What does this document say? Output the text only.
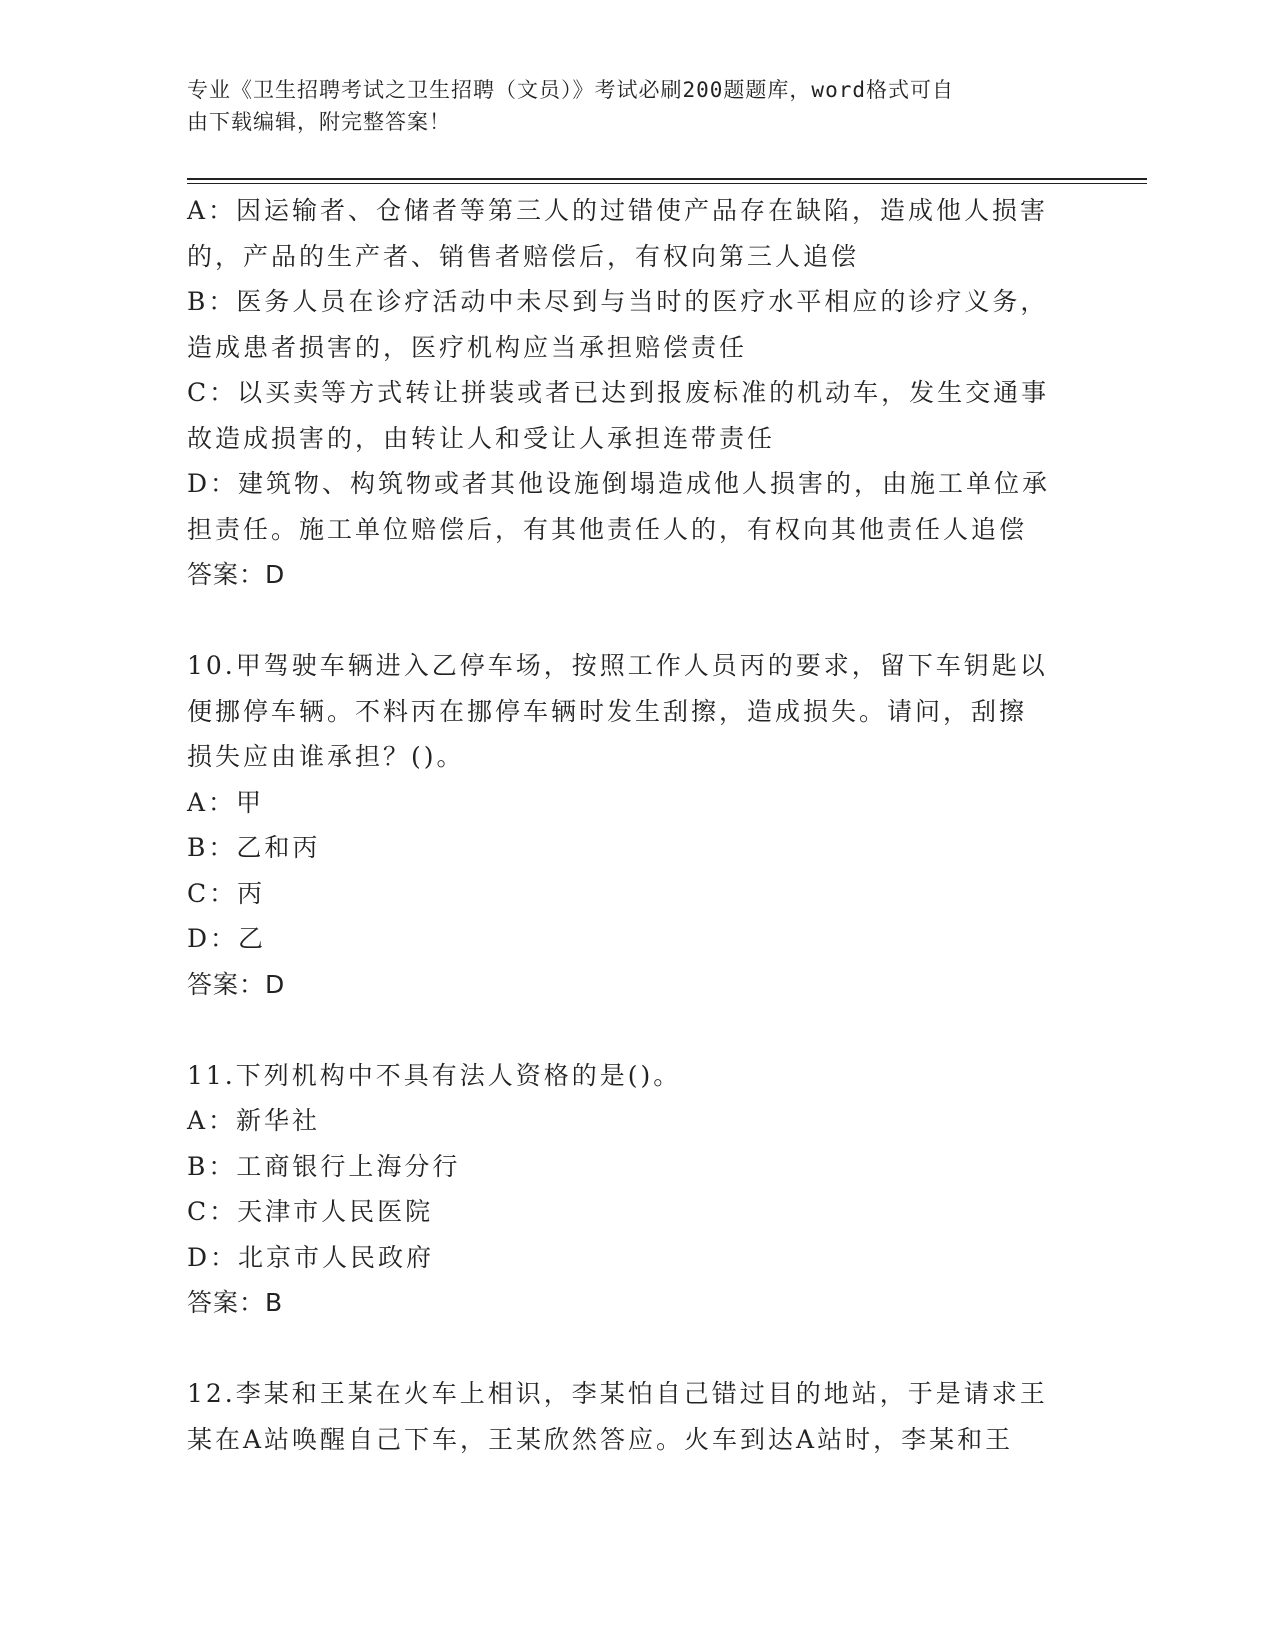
专业《卫生招聘考试之卫生招聘（文员）》考试必刷200题题库，word格式可自
由下载编辑，附完整答案！
A：因运输者、仓储者等第三人的过错使产品存在缺陷，造成他人损害
的，产品的生产者、销售者赔偿后，有权向第三人追偿
B：医务人员在诊疗活动中未尽到与当时的医疗水平相应的诊疗义务，
造成患者损害的，医疗机构应当承担赔偿责任
C：以买卖等方式转让拼装或者已达到报废标准的机动车，发生交通事
故造成损害的，由转让人和受让人承担连带责任
D：建筑物、构筑物或者其他设施倒塌造成他人损害的，由施工单位承
担责任。施工单位赔偿后，有其他责任人的，有权向其他责任人追偿
答案：D
10.甲驾驶车辆进入乙停车场，按照工作人员丙的要求，留下车钥匙以
便挪停车辆。不料丙在挪停车辆时发生刮擦，造成损失。请问，刮擦
损失应由谁承担？()。
A：甲
B：乙和丙
C：丙
D：乙
答案：D
11.下列机构中不具有法人资格的是()。
A：新华社
B：工商银行上海分行
C：天津市人民医院
D：北京市人民政府
答案：B
12.李某和王某在火车上相识，李某怕自己错过目的地站，于是请求王
某在A站唤醒自己下车，王某欣然答应。火车到达A站时，李某和王
